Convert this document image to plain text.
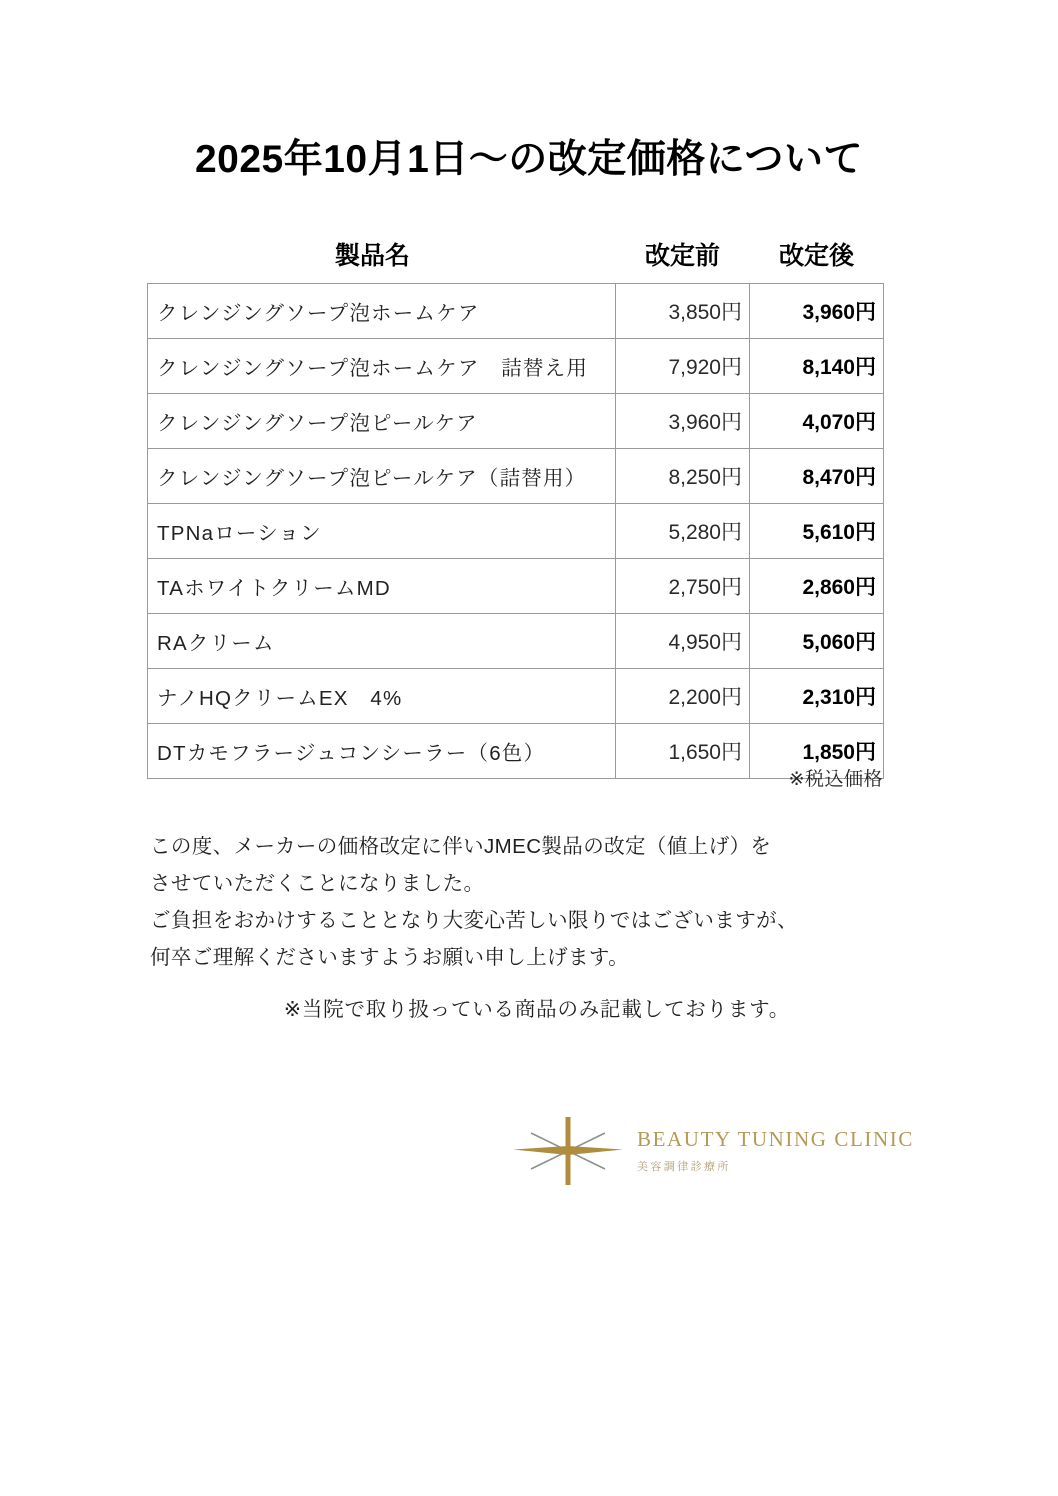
2025年10月1日〜の改定価格について
製品名	改定前	改定後
クレンジングソープ泡ホームケア	3,850円	3,960円
クレンジングソープ泡ホームケア　詰替え用	7,920円	8,140円
クレンジングソープ泡ピールケア	3,960円	4,070円
クレンジングソープ泡ピールケア（詰替用）	8,250円	8,470円
TPNaローション	5,280円	5,610円
TAホワイトクリームMD	2,750円	2,860円
RAクリーム	4,950円	5,060円
ナノHQクリームEX　4%	2,200円	2,310円
DTカモフラージュコンシーラー（6色）	1,650円	1,850円
※税込価格
この度、メーカーの価格改定に伴いJMEC製品の改定（値上げ）を
させていただくことになりました。
ご負担をおかけすることとなり大変心苦しい限りではございますが、
何卒ご理解くださいますようお願い申し上げます。
※当院で取り扱っている商品のみ記載しております。
BEAUTY TUNING CLINIC
美容調律診療所
